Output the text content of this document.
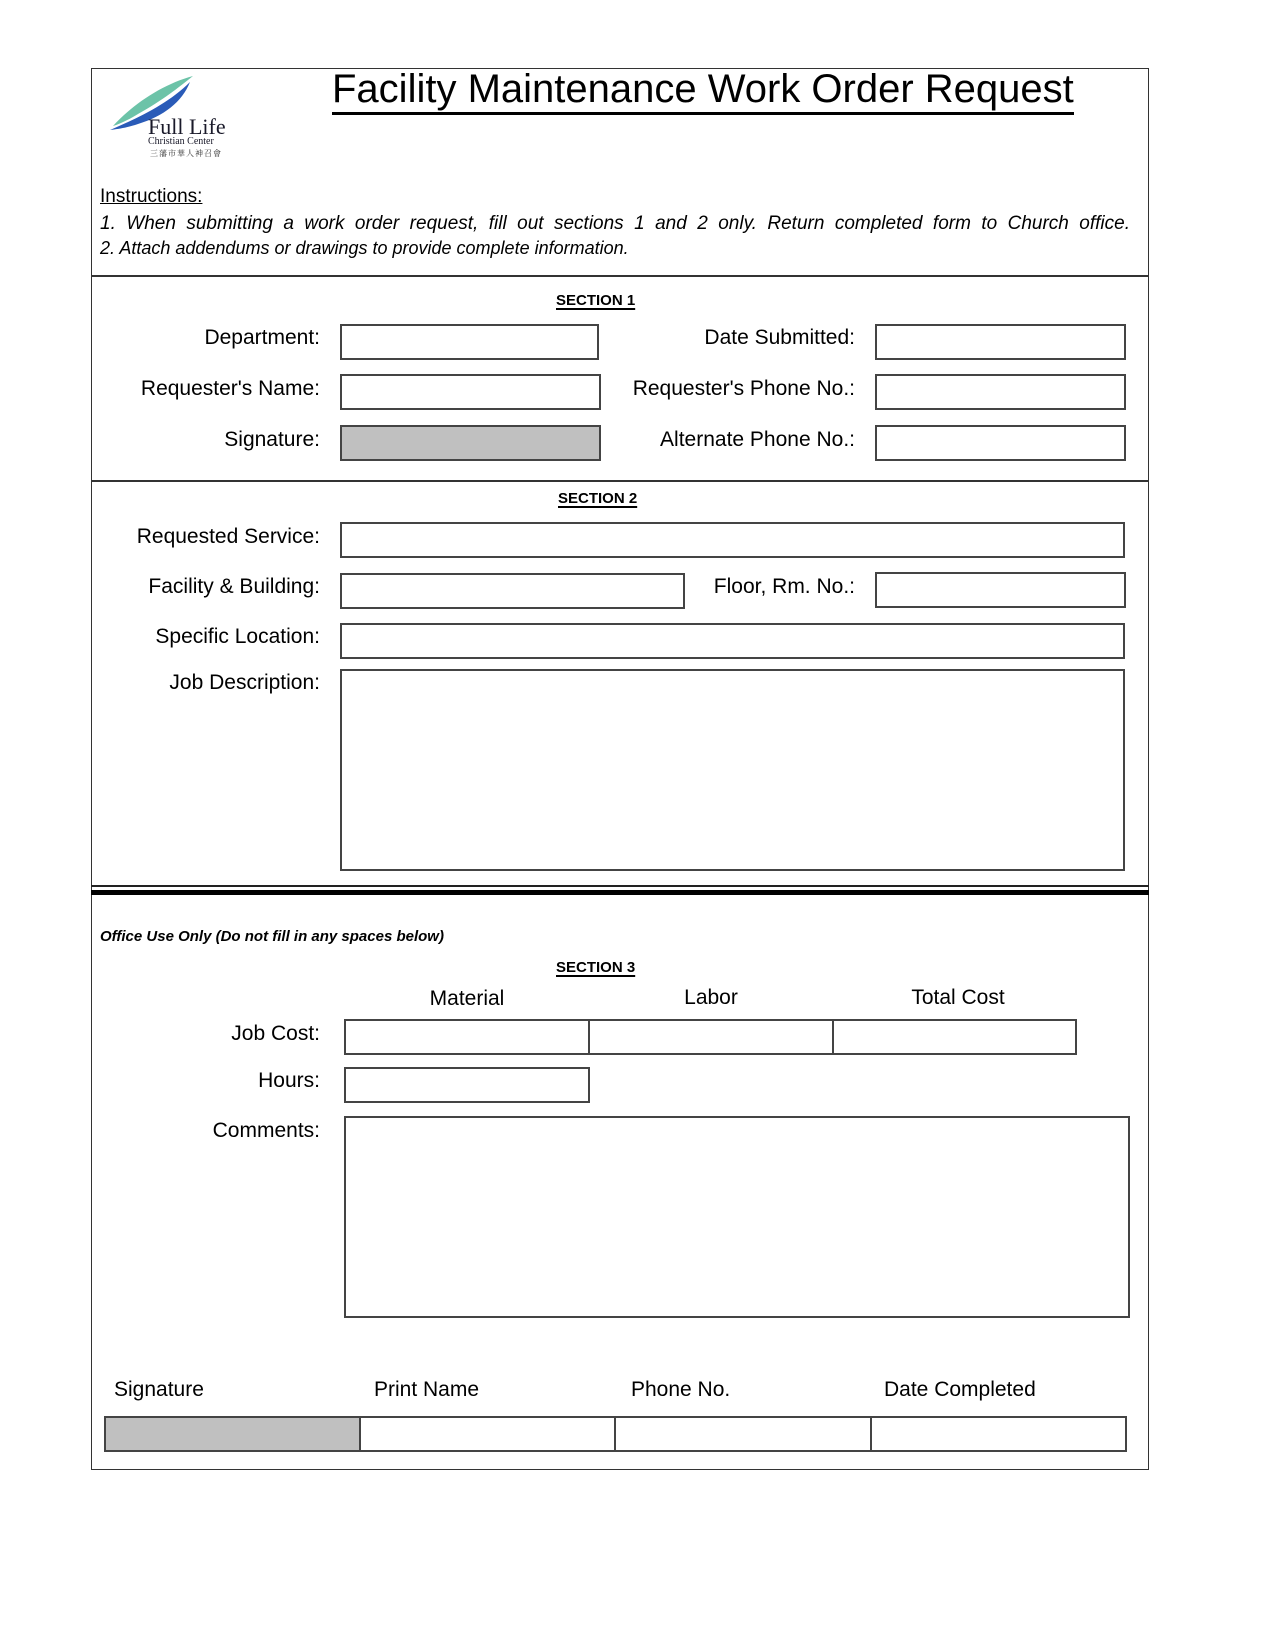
Full Life
Christian Center
三藩市華人神召會
Facility Maintenance Work Order Request
Instructions:
1. When submitting a work order request, fill out sections 1 and 2 only. Return completed form to Church office.
2. Attach addendums or drawings to provide complete information.
SECTION 1
Department:	Date Submitted:
Requester's Name:	Requester's Phone No.:
Signature:	Alternate Phone No.:
SECTION 2
Requested Service:
Facility & Building:	Floor, Rm. No.:
Specific Location:
Job Description:
Office Use Only (Do not fill in any spaces below)
SECTION 3
Material	Labor	Total Cost
Job Cost:
Hours:
Comments:
Signature	Print Name	Phone No.	Date Completed
